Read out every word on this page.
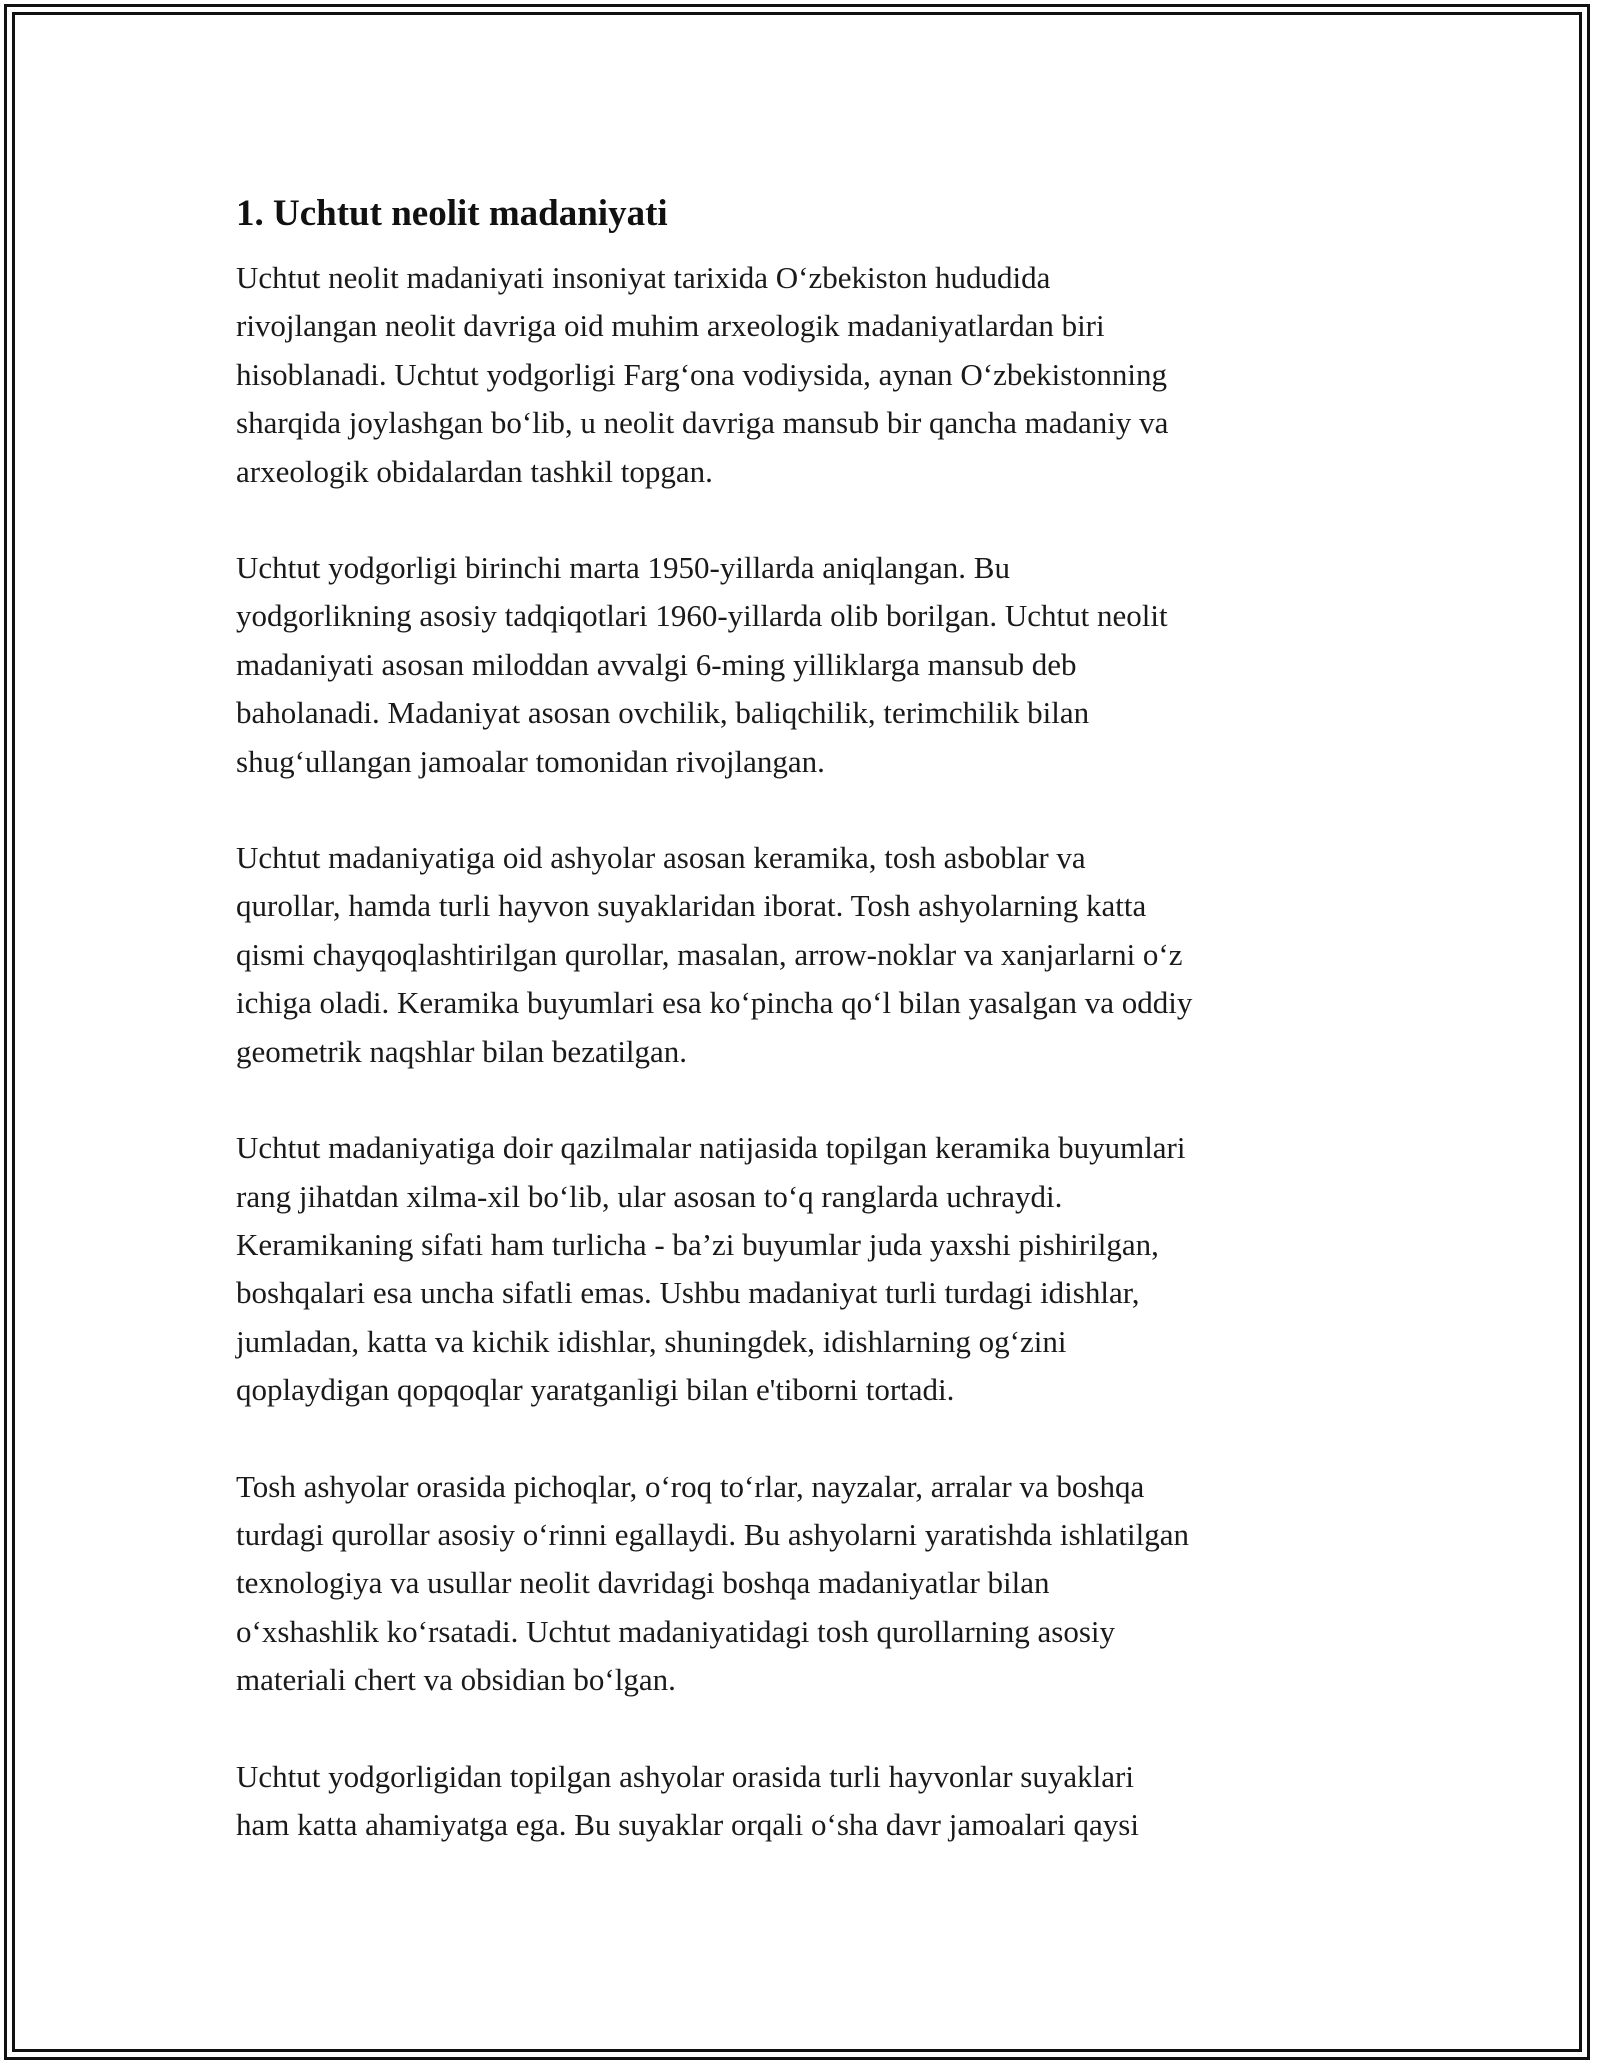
1. Uchtut neolit madaniyati
Uchtut neolit madaniyati insoniyat tarixida O‘zbekiston hududida
rivojlangan neolit davriga oid muhim arxeologik madaniyatlardan biri
hisoblanadi. Uchtut yodgorligi Farg‘ona vodiysida, aynan O‘zbekistonning
sharqida joylashgan bo‘lib, u neolit davriga mansub bir qancha madaniy va
arxeologik obidalardan tashkil topgan.
Uchtut yodgorligi birinchi marta 1950-yillarda aniqlangan. Bu
yodgorlikning asosiy tadqiqotlari 1960-yillarda olib borilgan. Uchtut neolit
madaniyati asosan miloddan avvalgi 6-ming yilliklarga mansub deb
baholanadi. Madaniyat asosan ovchilik, baliqchilik, terimchilik bilan
shug‘ullangan jamoalar tomonidan rivojlangan.
Uchtut madaniyatiga oid ashyolar asosan keramika, tosh asboblar va
qurollar, hamda turli hayvon suyaklaridan iborat. Tosh ashyolarning katta
qismi chayqoqlashtirilgan qurollar, masalan, arrow-noklar va xanjarlarni o‘z
ichiga oladi. Keramika buyumlari esa ko‘pincha qo‘l bilan yasalgan va oddiy
geometrik naqshlar bilan bezatilgan.
Uchtut madaniyatiga doir qazilmalar natijasida topilgan keramika buyumlari
rang jihatdan xilma-xil bo‘lib, ular asosan to‘q ranglarda uchraydi.
Keramikaning sifati ham turlicha - ba’zi buyumlar juda yaxshi pishirilgan,
boshqalari esa uncha sifatli emas. Ushbu madaniyat turli turdagi idishlar,
jumladan, katta va kichik idishlar, shuningdek, idishlarning og‘zini
qoplaydigan qopqoqlar yaratganligi bilan e'tiborni tortadi.
Tosh ashyolar orasida pichoqlar, o‘roq to‘rlar, nayzalar, arralar va boshqa
turdagi qurollar asosiy o‘rinni egallaydi. Bu ashyolarni yaratishda ishlatilgan
texnologiya va usullar neolit davridagi boshqa madaniyatlar bilan
o‘xshashlik ko‘rsatadi. Uchtut madaniyatidagi tosh qurollarning asosiy
materiali chert va obsidian bo‘lgan.
Uchtut yodgorligidan topilgan ashyolar orasida turli hayvonlar suyaklari
ham katta ahamiyatga ega. Bu suyaklar orqali o‘sha davr jamoalari qaysi
